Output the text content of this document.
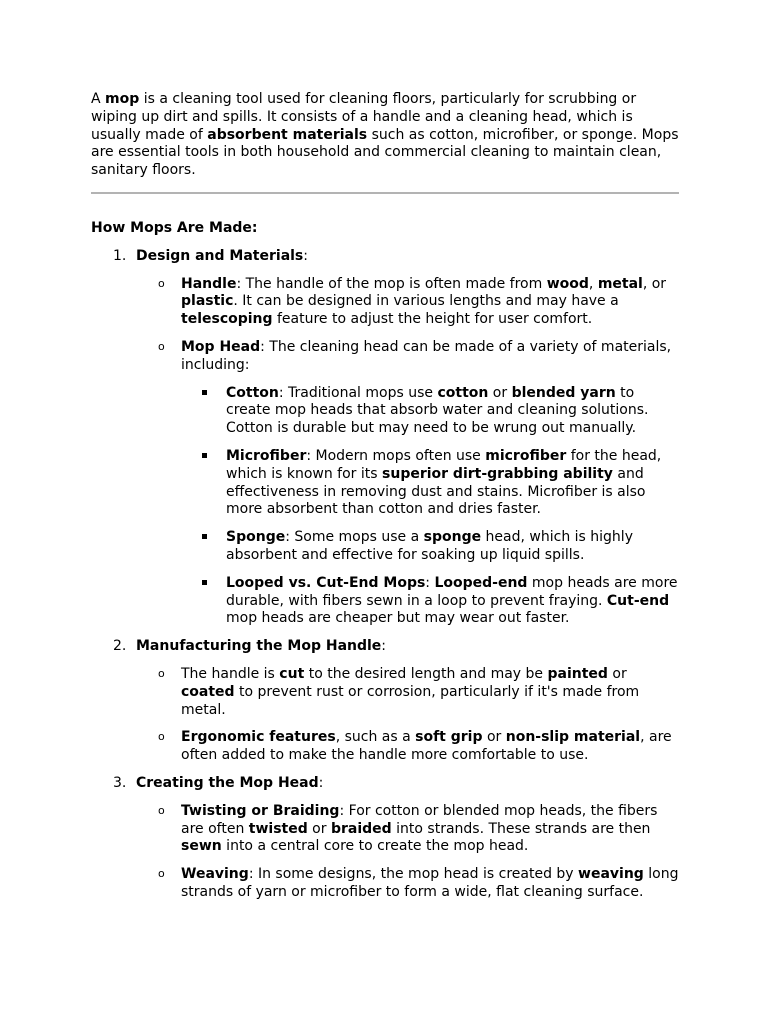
A mop is a cleaning tool used for cleaning floors, particularly for scrubbing or wiping up dirt and spills. It consists of a handle and a cleaning head, which is usually made of absorbent materials such as cotton, microfiber, or sponge. Mops are essential tools in both household and commercial cleaning to maintain clean, sanitary floors.

How Mops Are Made:

1. Design and Materials:

o Handle: The handle of the mop is often made from wood, metal, or plastic. It can be designed in various lengths and may have a telescoping feature to adjust the height for user comfort.

o Mop Head: The cleaning head can be made of a variety of materials, including:

Cotton: Traditional mops use cotton or blended yarn to create mop heads that absorb water and cleaning solutions. Cotton is durable but may need to be wrung out manually.

Microfiber: Modern mops often use microfiber for the head, which is known for its superior dirt-grabbing ability and effectiveness in removing dust and stains. Microfiber is also more absorbent than cotton and dries faster.

Sponge: Some mops use a sponge head, which is highly absorbent and effective for soaking up liquid spills.

Looped vs. Cut-End Mops: Looped-end mop heads are more durable, with fibers sewn in a loop to prevent fraying. Cut-end mop heads are cheaper but may wear out faster.

2. Manufacturing the Mop Handle:

o The handle is cut to the desired length and may be painted or coated to prevent rust or corrosion, particularly if it's made from metal.

o Ergonomic features, such as a soft grip or non-slip material, are often added to make the handle more comfortable to use.

3. Creating the Mop Head:

o Twisting or Braiding: For cotton or blended mop heads, the fibers are often twisted or braided into strands. These strands are then sewn into a central core to create the mop head.

o Weaving: In some designs, the mop head is created by weaving long strands of yarn or microfiber to form a wide, flat cleaning surface.
